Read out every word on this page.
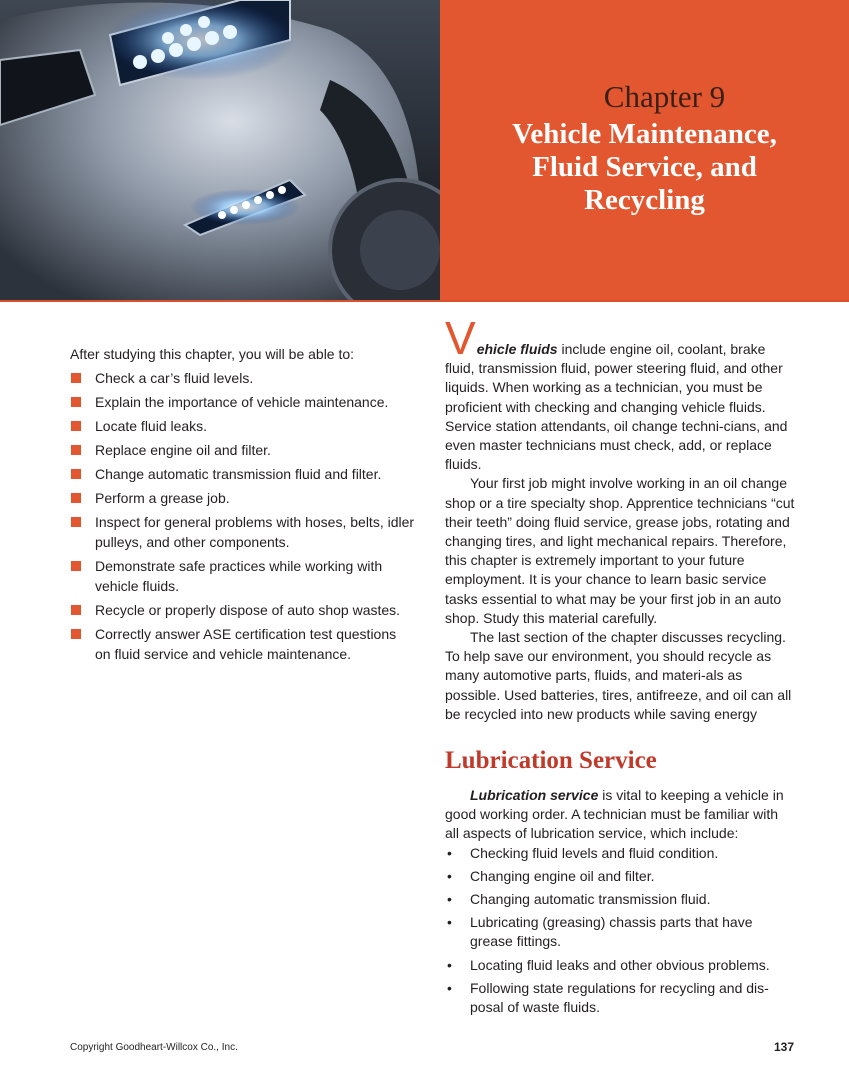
Chapter 9
Vehicle Maintenance,
Fluid Service, and
Recycling

After studying this chapter, you will be able to:

Check a car’s fluid levels.
Explain the importance of vehicle maintenance.
Locate fluid leaks.
Replace engine oil and filter.
Change automatic transmission fluid and filter.
Perform a grease job.
Inspect for general problems with hoses, belts, idler pulleys, and other components.
Demonstrate safe practices while working with vehicle fluids.
Recycle or properly dispose of auto shop wastes.
Correctly answer ASE certification test questions on fluid service and vehicle maintenance.

Vehicle fluids include engine oil, coolant, brake fluid, transmission fluid, power steering fluid, and other liquids. When working as a technician, you must be proficient with checking and changing vehicle fluids. Service station attendants, oil change techni-cians, and even master technicians must check, add, or replace fluids.

Your first job might involve working in an oil change shop or a tire specialty shop. Apprentice technicians “cut their teeth” doing fluid service, grease jobs, rotating and changing tires, and light mechanical repairs. Therefore, this chapter is extremely important to your future employment. It is your chance to learn basic service tasks essential to what may be your first job in an auto shop. Study this material carefully.

The last section of the chapter discusses recycling. To help save our environment, you should recycle as many automotive parts, fluids, and materi-als as possible. Used batteries, tires, antifreeze, and oil can all be recycled into new products while saving energy

Lubrication Service

Lubrication service is vital to keeping a vehicle in good working order. A technician must be familiar with all aspects of lubrication service, which include:

• Checking fluid levels and fluid condition.
• Changing engine oil and filter.
• Changing automatic transmission fluid.
• Lubricating (greasing) chassis parts that have grease fittings.
• Locating fluid leaks and other obvious problems.
• Following state regulations for recycling and dis-posal of waste fluids.
Copyright Goodheart-Willcox Co., Inc.	137
